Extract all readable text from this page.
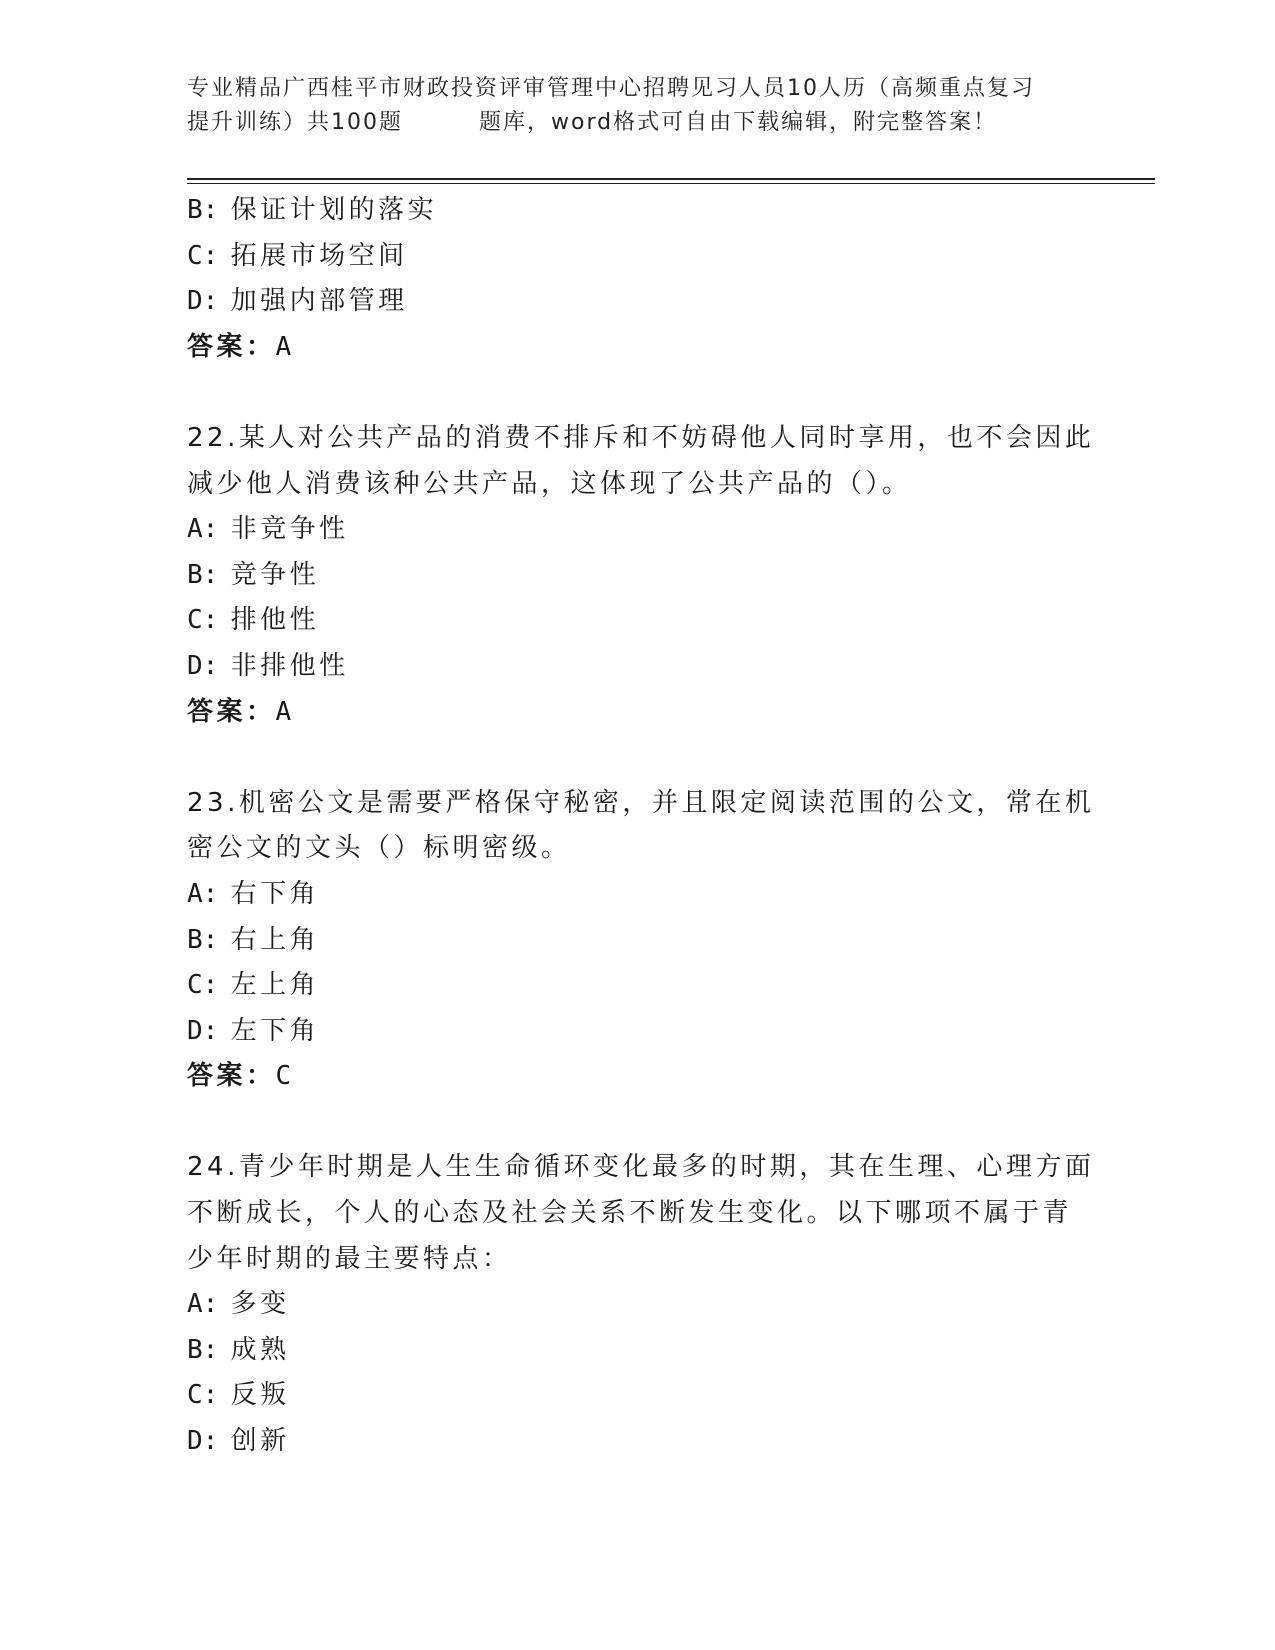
专业精品广西桂平市财政投资评审管理中心招聘见习人员10人历（高频重点复习
提升训练）共100题	题库，word格式可自由下载编辑，附完整答案！
B: 保证计划的落实
C: 拓展市场空间
D: 加强内部管理
答案：A
22.某人对公共产品的消费不排斥和不妨碍他人同时享用，也不会因此
减少他人消费该种公共产品，这体现了公共产品的（）。
A: 非竞争性
B: 竞争性
C: 排他性
D: 非排他性
答案：A
23.机密公文是需要严格保守秘密，并且限定阅读范围的公文，常在机
密公文的文头（）标明密级。
A: 右下角
B: 右上角
C: 左上角
D: 左下角
答案：C
24.青少年时期是人生生命循环变化最多的时期，其在生理、心理方面
不断成长，个人的心态及社会关系不断发生变化。以下哪项不属于青
少年时期的最主要特点：
A: 多变
B: 成熟
C: 反叛
D: 创新
